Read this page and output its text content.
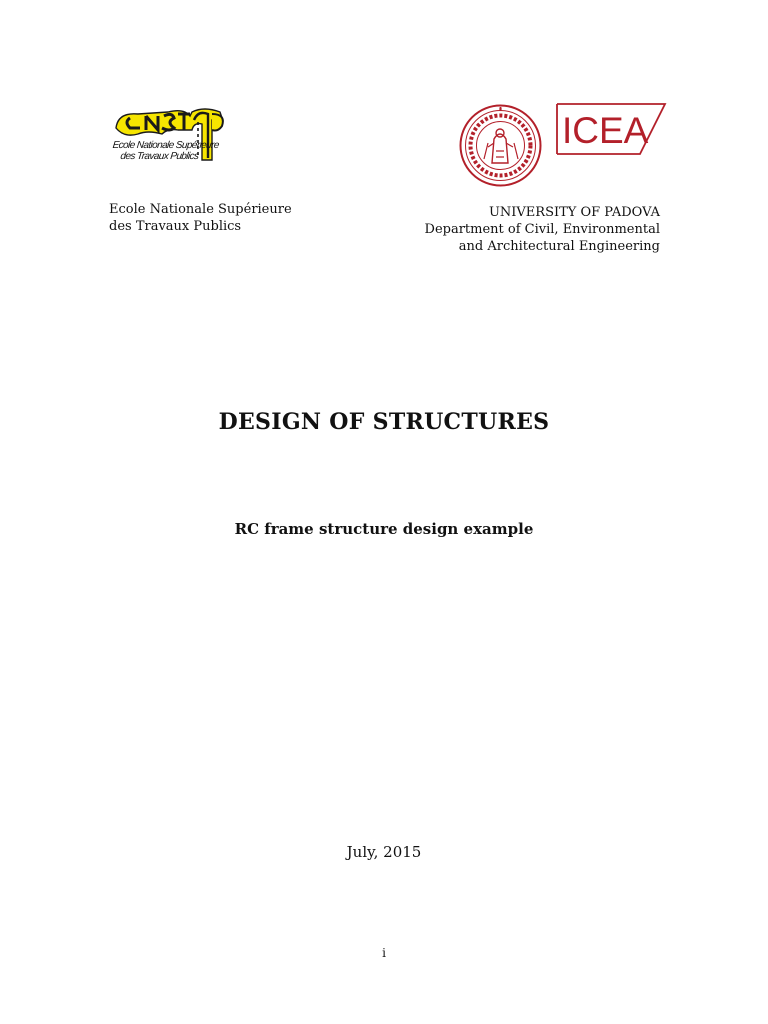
Ecole Nationale Supérieure
des Travaux Publics
ICEA
Ecole Nationale Supérieure
des Travaux Publics
UNIVERSITY OF PADOVA
Department of Civil, Environmental
and Architectural Engineering
DESIGN OF STRUCTURES
RC frame structure design example
July, 2015
i
